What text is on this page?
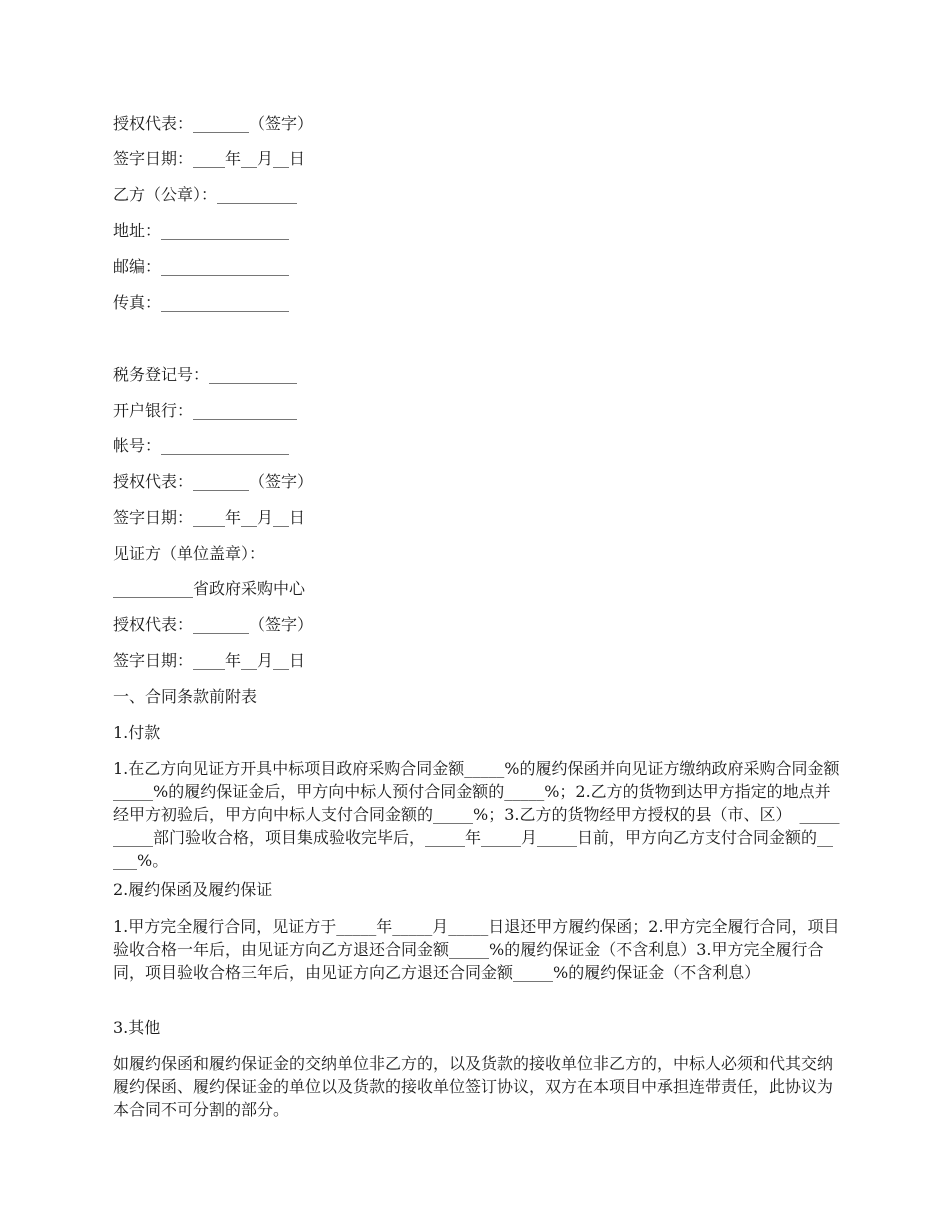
授权代表：_______（签字）
签字日期：____年__月__日
乙方（公章）：__________
地址：________________
邮编：________________
传真：________________
税务登记号：___________
开户银行：_____________
帐号：________________
授权代表：_______（签字）
签字日期：____年__月__日
见证方（单位盖章）：
__________省政府采购中心
授权代表：_______（签字）
签字日期：____年__月__日
一、合同条款前附表
1.付款
1.在乙方向见证方开具中标项目政府采购合同金额_____%的履约保函并向见证方缴纳政府采购合同金额_____%的履约保证金后，甲方向中标人预付合同金额的_____%；2.乙方的货物到达甲方指定的地点并经甲方初验后，甲方向中标人支付合同金额的_____%；3.乙方的货物经甲方授权的县（市、区）　__________部门验收合格，项目集成验收完毕后，_____年_____月_____日前，甲方向乙方支付合同金额的_____%。
2.履约保函及履约保证
1.甲方完全履行合同，见证方于_____年_____月_____日退还甲方履约保函；2.甲方完全履行合同，项目验收合格一年后，由见证方向乙方退还合同金额_____%的履约保证金（不含利息）3.甲方完全履行合同，项目验收合格三年后，由见证方向乙方退还合同金额_____%的履约保证金（不含利息）
3.其他
如履约保函和履约保证金的交纳单位非乙方的，以及货款的接收单位非乙方的，中标人必须和代其交纳履约保函、履约保证金的单位以及货款的接收单位签订协议，双方在本项目中承担连带责任，此协议为本合同不可分割的部分。
